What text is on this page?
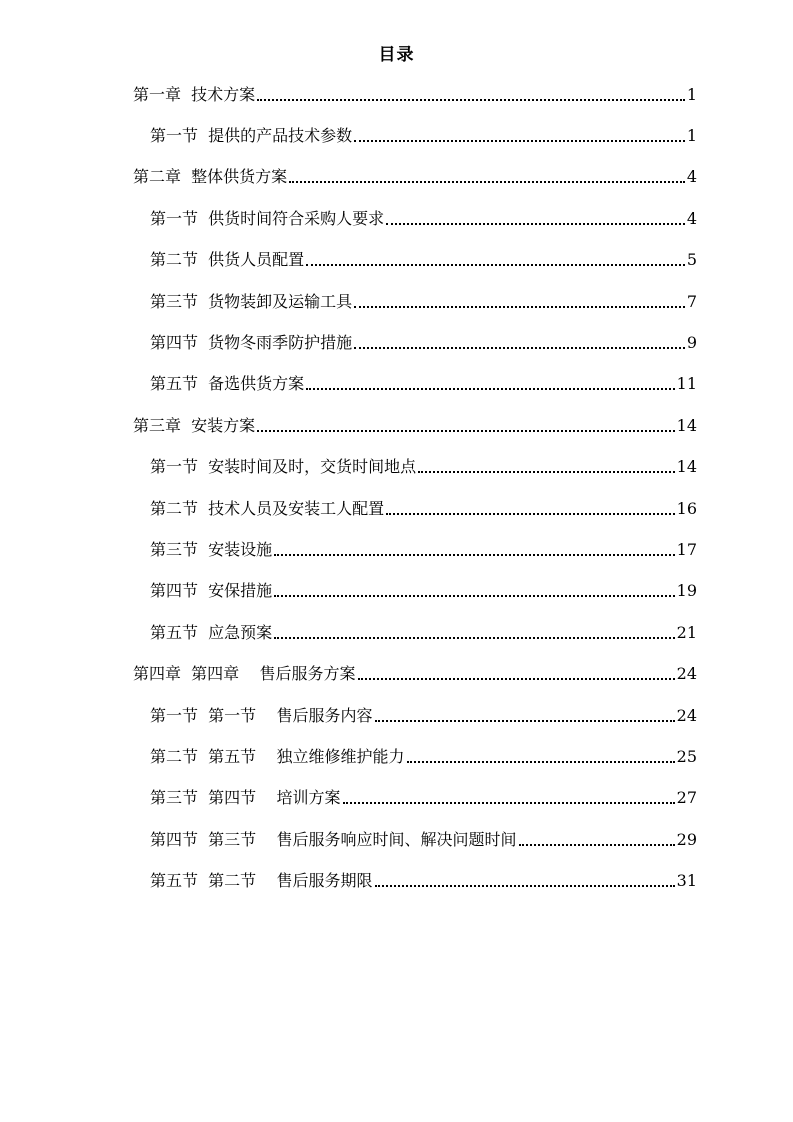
目录
第一章  技术方案	1
第一节  提供的产品技术参数	1
第二章  整体供货方案	4
第一节  供货时间符合采购人要求	4
第二节  供货人员配置	5
第三节  货物装卸及运输工具	7
第四节  货物冬雨季防护措施	9
第五节  备选供货方案	11
第三章  安装方案	14
第一节  安装时间及时，交货时间地点	14
第二节  技术人员及安装工人配置	16
第三节  安装设施	17
第四节  安保措施	19
第五节  应急预案	21
第四章  第四章    售后服务方案	24
第一节  第一节    售后服务内容	24
第二节  第五节    独立维修维护能力	25
第三节  第四节    培训方案	27
第四节  第三节    售后服务响应时间、解决问题时间	29
第五节  第二节    售后服务期限	31
